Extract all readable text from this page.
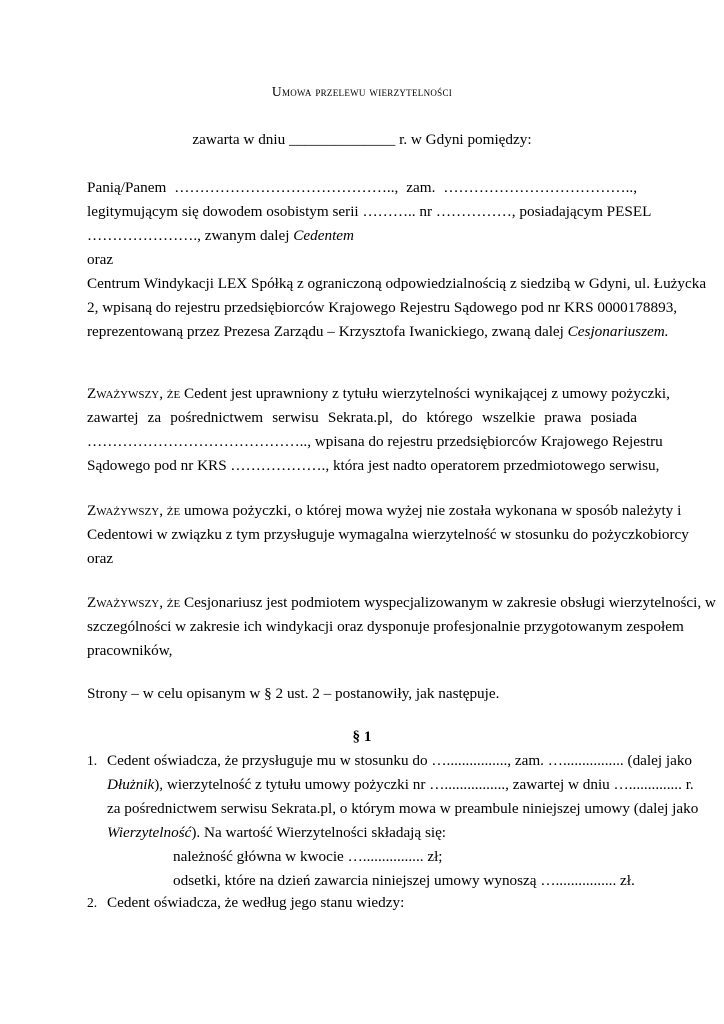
Umowa przelewu wierzytelności
zawarta w dniu ______________ r. w Gdyni pomiędzy:
Panią/Panem …………………………………….., zam. ………………………………..,
legitymującym się dowodem osobistym serii ……….. nr ……………, posiadającym PESEL
…………………., zwanym dalej Cedentem
oraz
Centrum Windykacji LEX Spółką z ograniczoną odpowiedzialnością z siedzibą w Gdyni, ul. Łużycka
2, wpisaną do rejestru przedsiębiorców Krajowego Rejestru Sądowego pod nr KRS 0000178893,
reprezentowaną przez Prezesa Zarządu – Krzysztofa Iwanickiego, zwaną dalej Cesjonariuszem.
Zważywszy, że Cedent jest uprawniony z tytułu wierzytelności wynikającej z umowy pożyczki,
zawartej za pośrednictwem serwisu Sekrata.pl, do którego wszelkie prawa posiada
…………………………………….., wpisana do rejestru przedsiębiorców Krajowego Rejestru
Sądowego pod nr KRS ………………., która jest nadto operatorem przedmiotowego serwisu,
Zważywszy, że umowa pożyczki, o której mowa wyżej nie została wykonana w sposób należyty i
Cedentowi w związku z tym przysługuje wymagalna wierzytelność w stosunku do pożyczkobiorcy
oraz
Zważywszy, że Cesjonariusz jest podmiotem wyspecjalizowanym w zakresie obsługi wierzytelności, w
szczególności w zakresie ich windykacji oraz dysponuje profesjonalnie przygotowanym zespołem
pracowników,
Strony – w celu opisanym w § 2 ust. 2 – postanowiły, jak następuje.
§ 1
1. Cedent oświadcza, że przysługuje mu w stosunku do …................, zam. …................ (dalej jako
Dłużnik), wierzytelność z tytułu umowy pożyczki nr …................, zawartej w dniu ….............. r.
za pośrednictwem serwisu Sekrata.pl, o którym mowa w preambule niniejszej umowy (dalej jako
Wierzytelność). Na wartość Wierzytelności składają się:
należność główna w kwocie …................ zł;
odsetki, które na dzień zawarcia niniejszej umowy wynoszą …................ zł.
2. Cedent oświadcza, że według jego stanu wiedzy:
